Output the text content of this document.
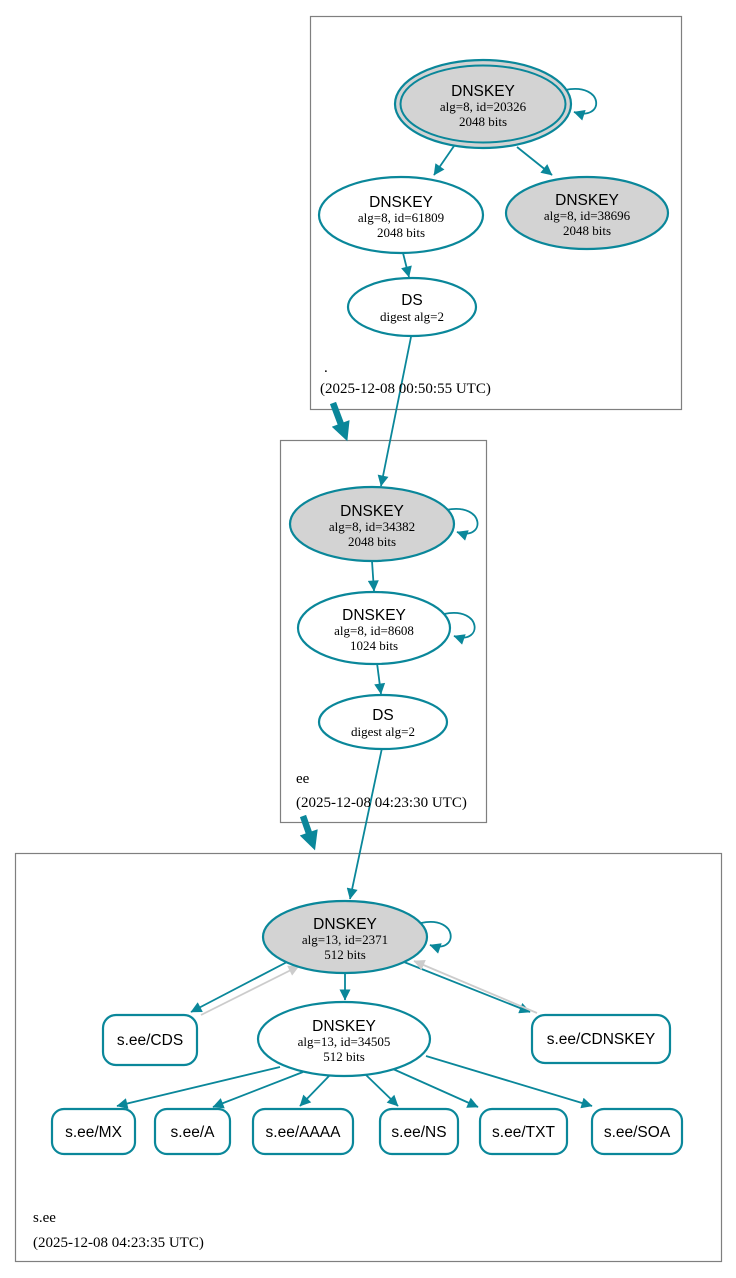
DNSKEY
alg=8, id=20326
2048 bits
DNSKEY
alg=8, id=61809
2048 bits
DNSKEY
alg=8, id=38696
2048 bits
DS
digest alg=2
.
(2025-12-08 00:50:55 UTC)
DNSKEY
alg=8, id=34382
2048 bits
DNSKEY
alg=8, id=8608
1024 bits
DS
digest alg=2
ee
(2025-12-08 04:23:30 UTC)
DNSKEY
alg=13, id=2371
512 bits
DNSKEY
alg=13, id=34505
512 bits
s.ee/CDS	s.ee/CDNSKEY
s.ee/MX	s.ee/A	s.ee/AAAA	s.ee/NS	s.ee/TXT	s.ee/SOA
s.ee
(2025-12-08 04:23:35 UTC)
